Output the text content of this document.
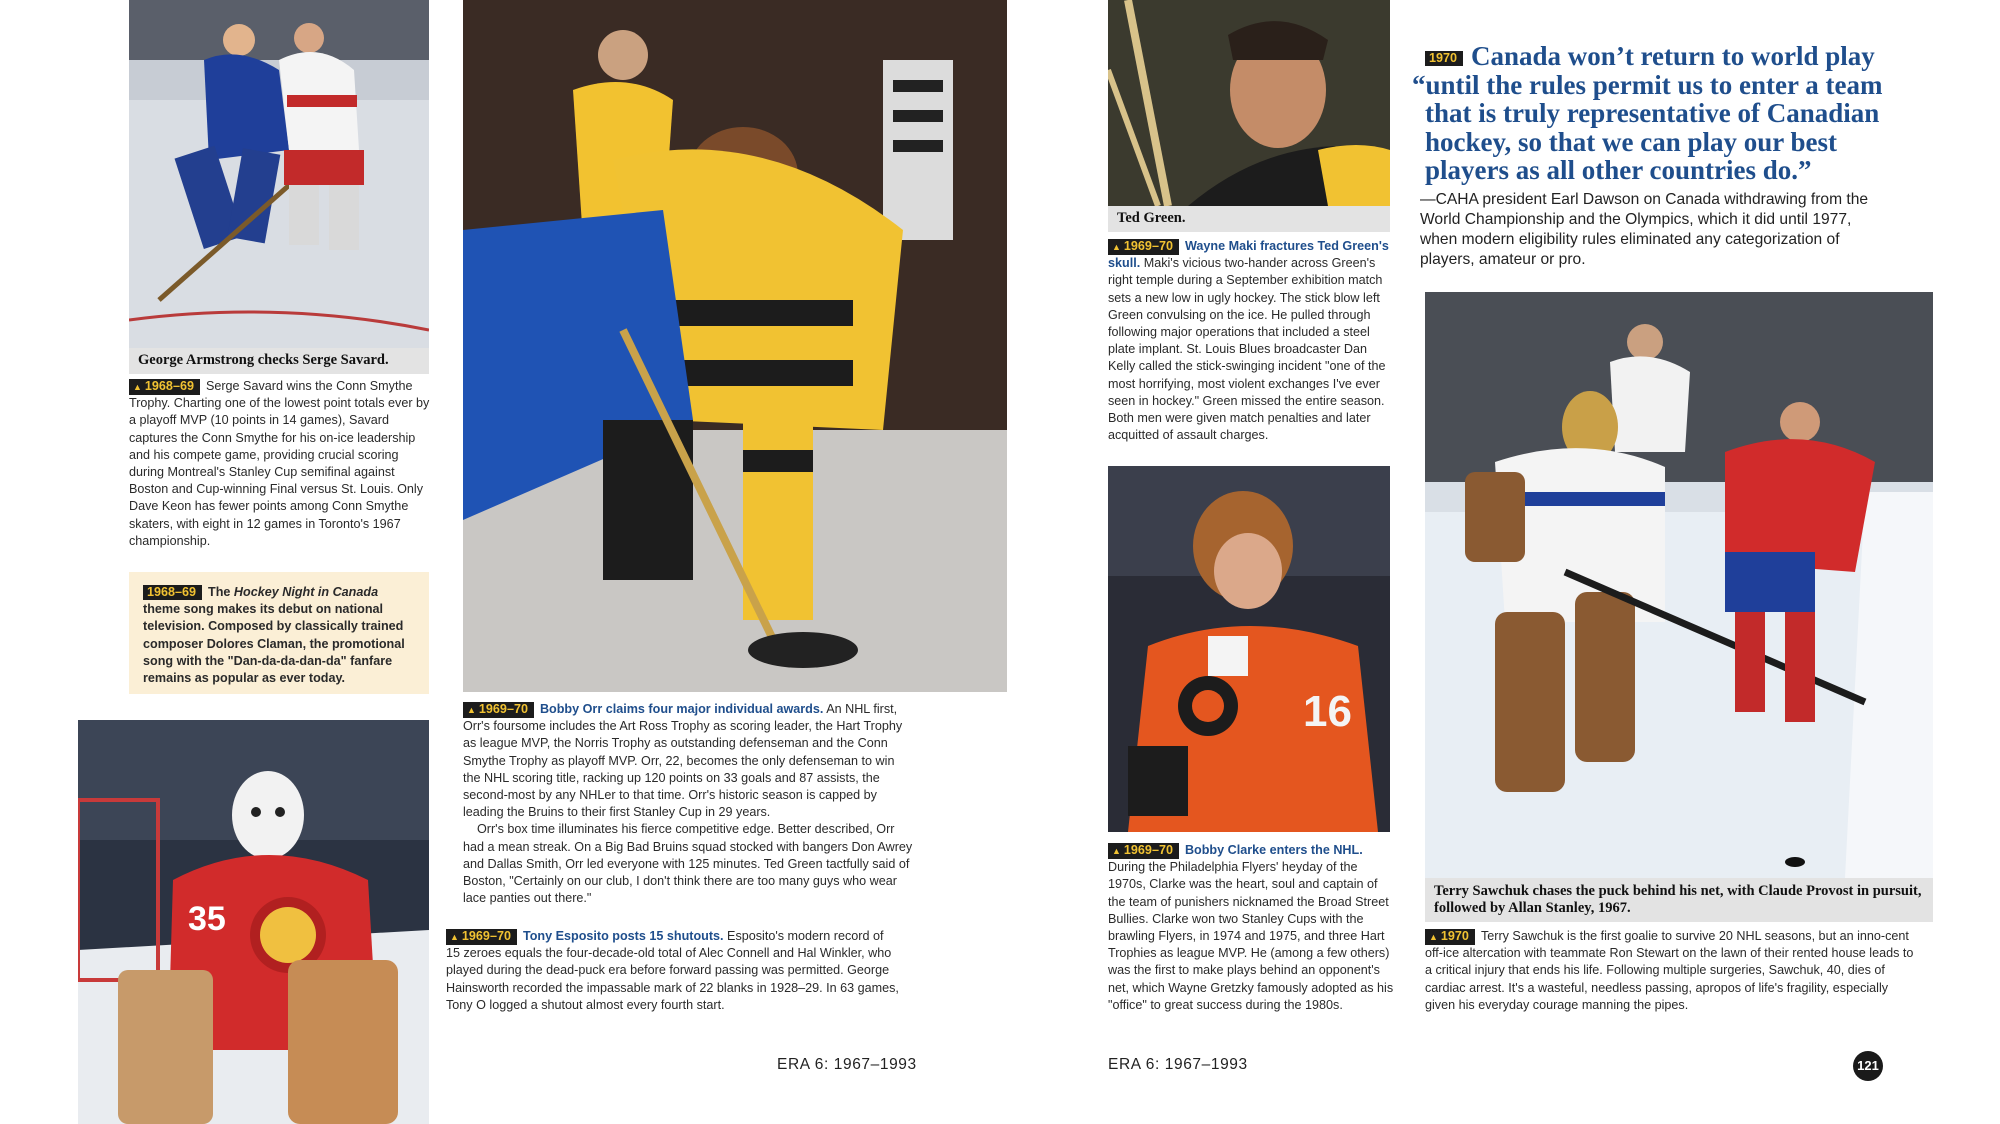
George Armstrong checks Serge Savard.
▲ 1968–69 Serge Savard wins the Conn Smythe Trophy. Charting one of the lowest point totals ever by a playoff MVP (10 points in 14 games), Savard captures the Conn Smythe for his on-ice leadership and his compete game, providing crucial scoring during Montreal's Stanley Cup semifinal against Boston and Cup-winning Final versus St. Louis. Only Dave Keon has fewer points among Conn Smythe skaters, with eight in 12 games in Toronto's 1967 championship.
1968–69 The Hockey Night in Canada theme song makes its debut on national television. Composed by classically trained composer Dolores Claman, the promotional song with the "Dan-da-da-dan-da" fanfare remains as popular as ever today.
35
▲ 1969–70 Bobby Orr claims four major individual awards. An NHL first, Orr's foursome includes the Art Ross Trophy as scoring leader, the Hart Trophy as league MVP, the Norris Trophy as outstanding defenseman and the Conn Smythe Trophy as playoff MVP. Orr, 22, becomes the only defenseman to win the NHL scoring title, racking up 120 points on 33 goals and 87 assists, the second-most by any NHLer to that time. Orr's historic season is capped by leading the Bruins to their first Stanley Cup in 29 years.
Orr's box time illuminates his fierce competitive edge. Better described, Orr had a mean streak. On a Big Bad Bruins squad stocked with bangers Don Awrey and Dallas Smith, Orr led everyone with 125 minutes. Ted Green tactfully said of Boston, "Certainly on our club, I don't think there are too many guys who wear lace panties out there."
▲ 1969–70 Tony Esposito posts 15 shutouts. Esposito's modern record of 15 zeroes equals the four-decade-old total of Alec Connell and Hal Winkler, who played during the dead-puck era before forward passing was permitted. George Hainsworth recorded the impassable mark of 22 blanks in 1928–29. In 63 games, Tony O logged a shutout almost every fourth start.
ERA 6: 1967–1993
Ted Green.
▲ 1969–70 Wayne Maki fractures Ted Green's skull. Maki's vicious two-hander across Green's right temple during a September exhibition match sets a new low in ugly hockey. The stick blow left Green convulsing on the ice. He pulled through following major operations that included a steel plate implant. St. Louis Blues broadcaster Dan Kelly called the stick-swinging incident "one of the most horrifying, most violent exchanges I've ever seen in hockey." Green missed the entire season. Both men were given match penalties and later acquitted of assault charges.
16
▲ 1969–70 Bobby Clarke enters the NHL. During the Philadelphia Flyers' heyday of the 1970s, Clarke was the heart, soul and captain of the team of punishers nicknamed the Broad Street Bullies. Clarke won two Stanley Cups with the brawling Flyers, in 1974 and 1975, and three Hart Trophies as league MVP. He (among a few others) was the first to make plays behind an opponent's net, which Wayne Gretzky famously adopted as his "office" to great success during the 1980s.
ERA 6: 1967–1993
1970 Canada won’t return to world play
“until the rules permit us to enter a team
that is truly representative of Canadian
hockey, so that we can play our best
players as all other countries do.”
—CAHA president Earl Dawson on Canada withdrawing from the World Championship and the Olympics, which it did until 1977, when modern eligibility rules eliminated any categorization of players, amateur or pro.
Terry Sawchuk chases the puck behind his net, with Claude Provost in pursuit, followed by Allan Stanley, 1967.
▲ 1970 Terry Sawchuk is the first goalie to survive 20 NHL seasons, but an inno-cent off-ice altercation with teammate Ron Stewart on the lawn of their rented house leads to a critical injury that ends his life. Following multiple surgeries, Sawchuk, 40, dies of cardiac arrest. It's a wasteful, needless passing, apropos of life's fragility, especially given his everyday courage manning the pipes.
121
